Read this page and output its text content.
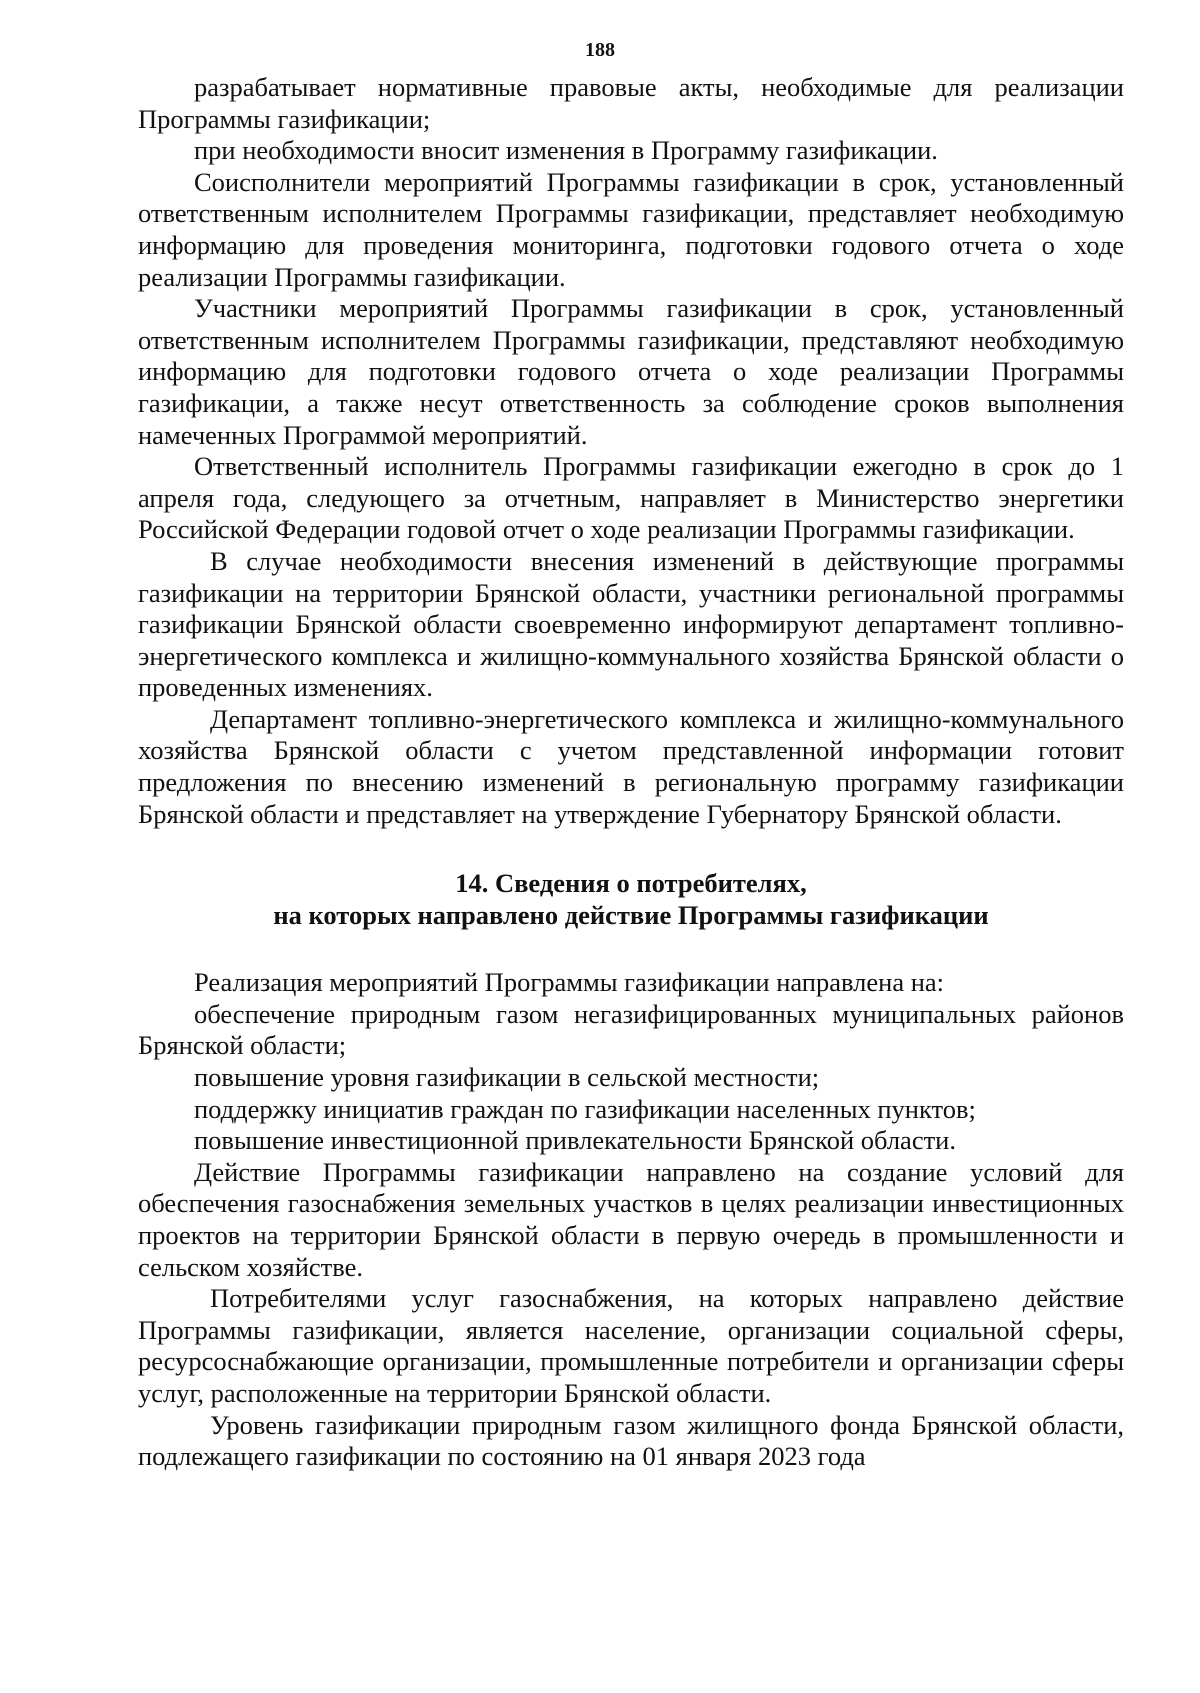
188

разрабатывает нормативные правовые акты, необходимые для реализации Программы газификации;

при необходимости вносит изменения в Программу газификации.

Соисполнители мероприятий Программы газификации в срок, установленный ответственным исполнителем Программы газификации, представляет необходимую информацию для проведения мониторинга, подготовки годового отчета о ходе реализации Программы газификации.

Участники мероприятий Программы газификации в срок, установленный ответственным исполнителем Программы газификации, представляют необходимую информацию для подготовки годового отчета о ходе реализации Программы газификации, а также несут ответственность за соблюдение сроков выполнения намеченных Программой мероприятий.

Ответственный исполнитель Программы газификации ежегодно в срок до 1 апреля года, следующего за отчетным, направляет в Министерство энергетики Российской Федерации годовой отчет о ходе реализации Программы газификации.

В случае необходимости внесения изменений в действующие программы газификации на территории Брянской области, участники региональной программы газификации Брянской области своевременно информируют департамент топливно-энергетического комплекса и жилищно-коммунального хозяйства Брянской области о проведенных изменениях.

Департамент топливно-энергетического комплекса и жилищно-коммунального хозяйства Брянской области с учетом представленной информации готовит предложения по внесению изменений в региональную программу газификации Брянской области и представляет на утверждение Губернатору Брянской области.

14. Сведения о потребителях,
на которых направлено действие Программы газификации

Реализация мероприятий Программы газификации направлена на:

обеспечение природным газом негазифицированных муниципальных районов Брянской области;

повышение уровня газификации в сельской местности;

поддержку инициатив граждан по газификации населенных пунктов;

повышение инвестиционной привлекательности Брянской области.

Действие Программы газификации направлено на создание условий для обеспечения газоснабжения земельных участков в целях реализации инвестиционных проектов на территории Брянской области в первую очередь в промышленности и сельском хозяйстве.

Потребителями услуг газоснабжения, на которых направлено действие Программы газификации, является население, организации социальной сферы, ресурсоснабжающие организации, промышленные потребители и организации сферы услуг, расположенные на территории Брянской области.

Уровень газификации природным газом жилищного фонда Брянской области, подлежащего газификации по состоянию на 01 января 2023 года
